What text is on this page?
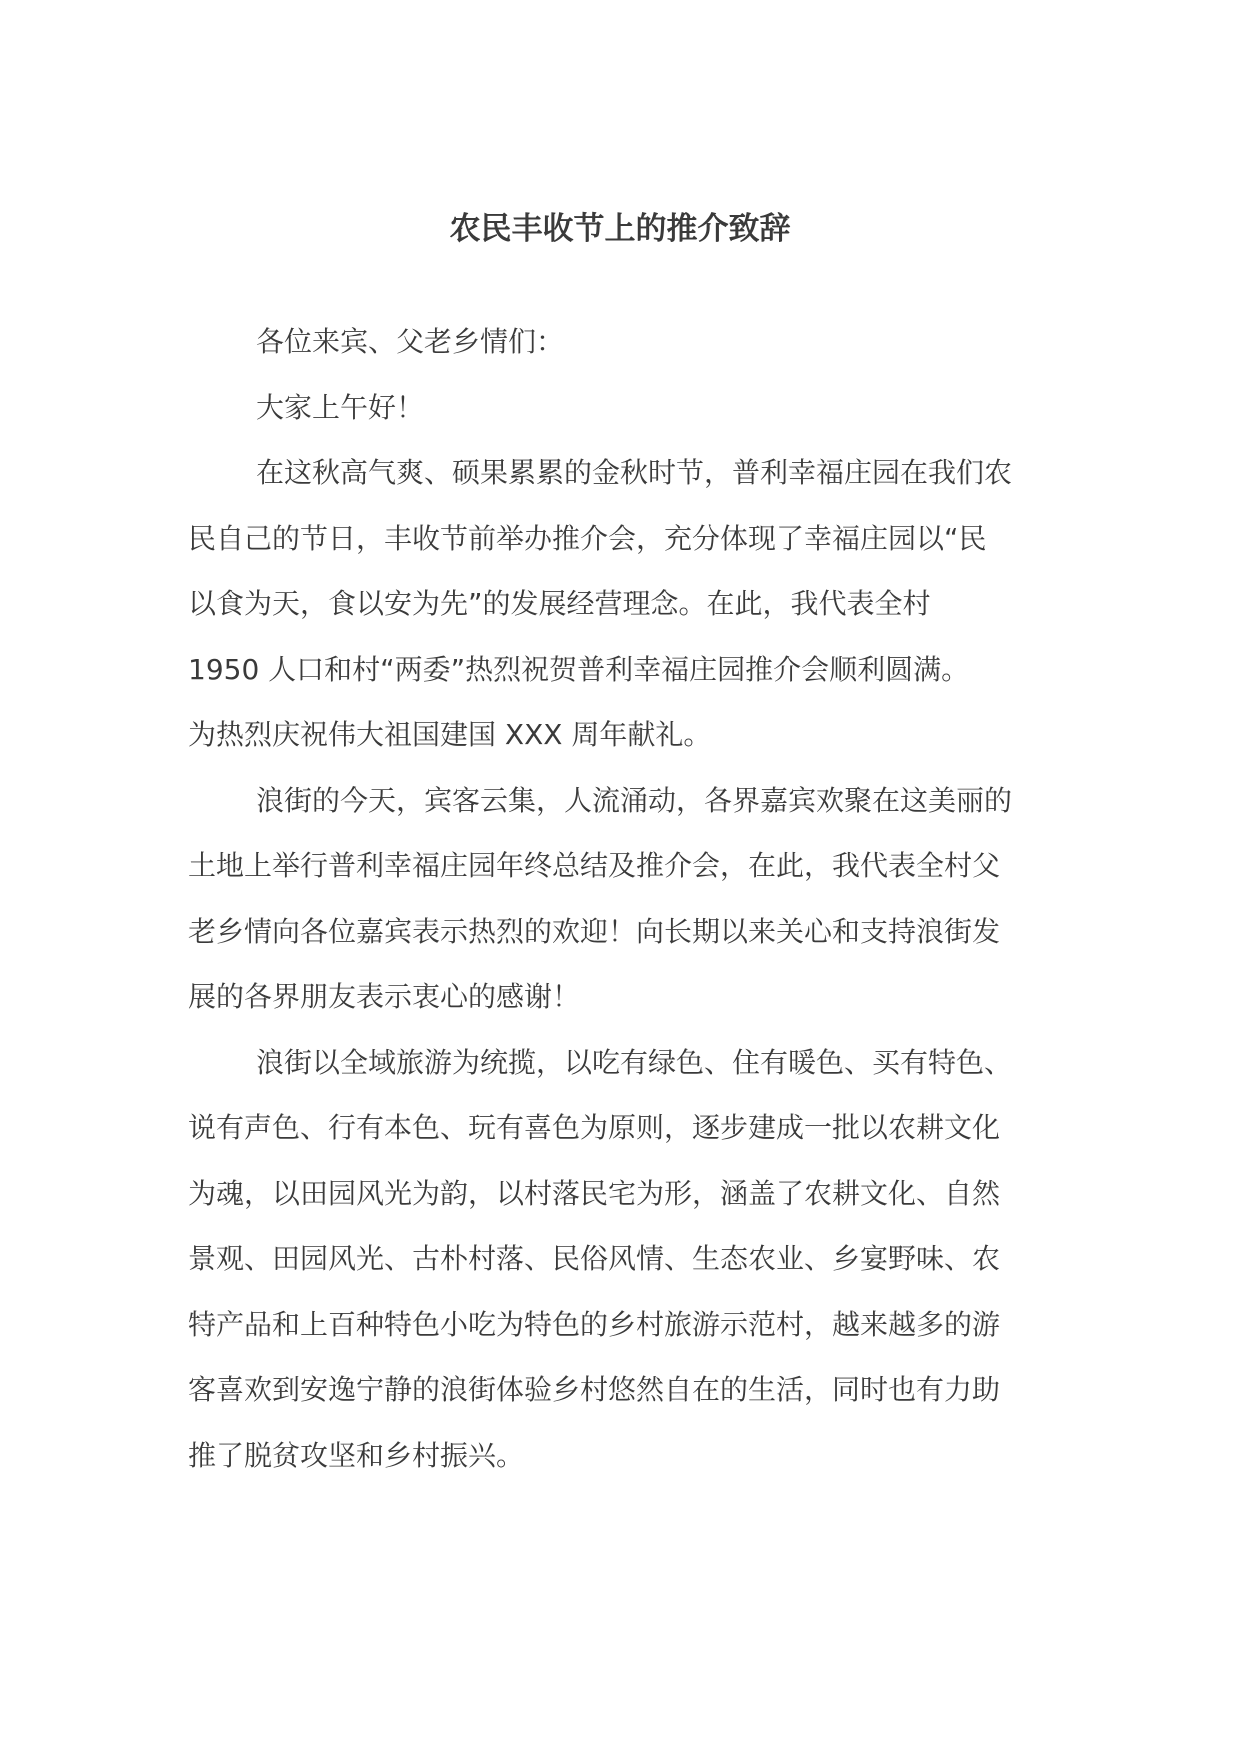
农民丰收节上的推介致辞

各位来宾、父老乡情们：

大家上午好！

在这秋高气爽、硕果累累的金秋时节，普利幸福庄园在我们农
民自己的节日，丰收节前举办推介会，充分体现了幸福庄园以“民
以食为天，食以安为先”的发展经营理念。在此，我代表全村
1950 人口和村“两委”热烈祝贺普利幸福庄园推介会顺利圆满。
为热烈庆祝伟大祖国建国 XXX 周年献礼。

浪街的今天，宾客云集，人流涌动，各界嘉宾欢聚在这美丽的
土地上举行普利幸福庄园年终总结及推介会，在此，我代表全村父
老乡情向各位嘉宾表示热烈的欢迎！向长期以来关心和支持浪街发
展的各界朋友表示衷心的感谢！

浪街以全域旅游为统揽，以吃有绿色、住有暖色、买有特色、
说有声色、行有本色、玩有喜色为原则，逐步建成一批以农耕文化
为魂，以田园风光为韵，以村落民宅为形，涵盖了农耕文化、自然
景观、田园风光、古朴村落、民俗风情、生态农业、乡宴野味、农
特产品和上百种特色小吃为特色的乡村旅游示范村，越来越多的游
客喜欢到安逸宁静的浪街体验乡村悠然自在的生活，同时也有力助
推了脱贫攻坚和乡村振兴。
